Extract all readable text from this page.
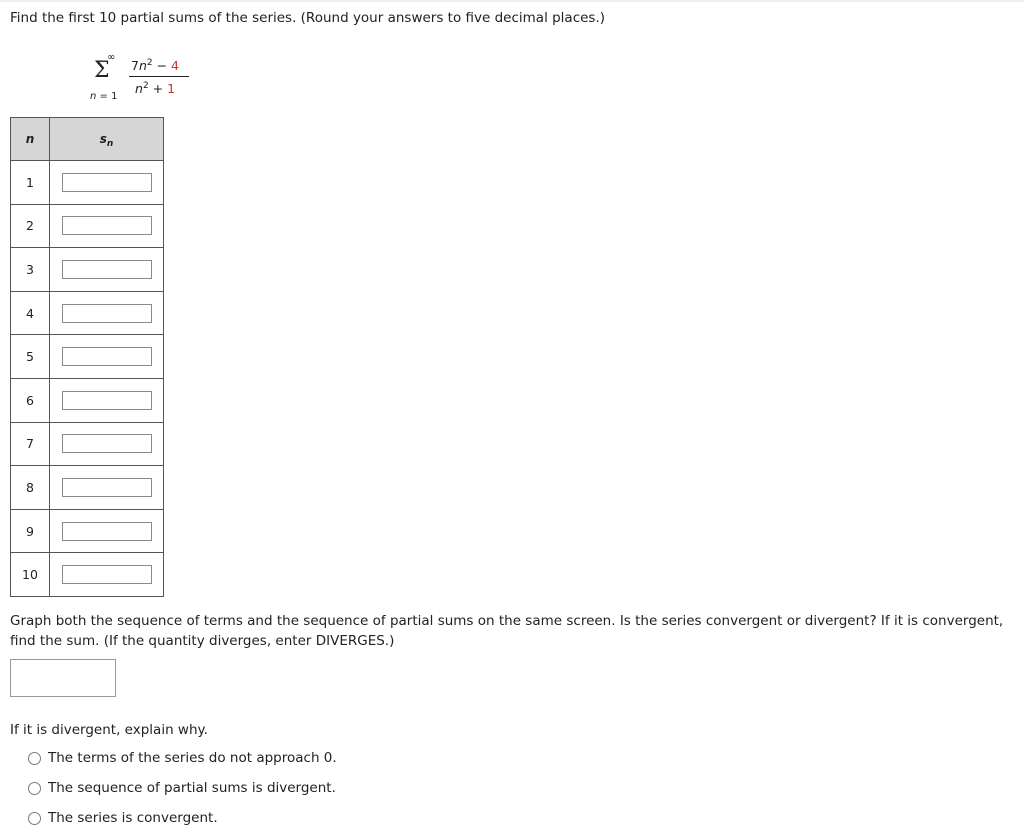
Find the first 10 partial sums of the series. (Round your answers to five decimal places.)

∞
Σ
n = 1
$7n^2 - 4$
$n^2 + 1$
n	$s_n$
1	
2	
3	
4	
5	
6	
7	
8	
9	
10	

Graph both the sequence of terms and the sequence of partial sums on the same screen. Is the series convergent or divergent? If it is convergent, find the sum. (If the quantity diverges, enter DIVERGES.)

If it is divergent, explain why.

The terms of the series do not approach 0.
The sequence of partial sums is divergent.
The series is convergent.
